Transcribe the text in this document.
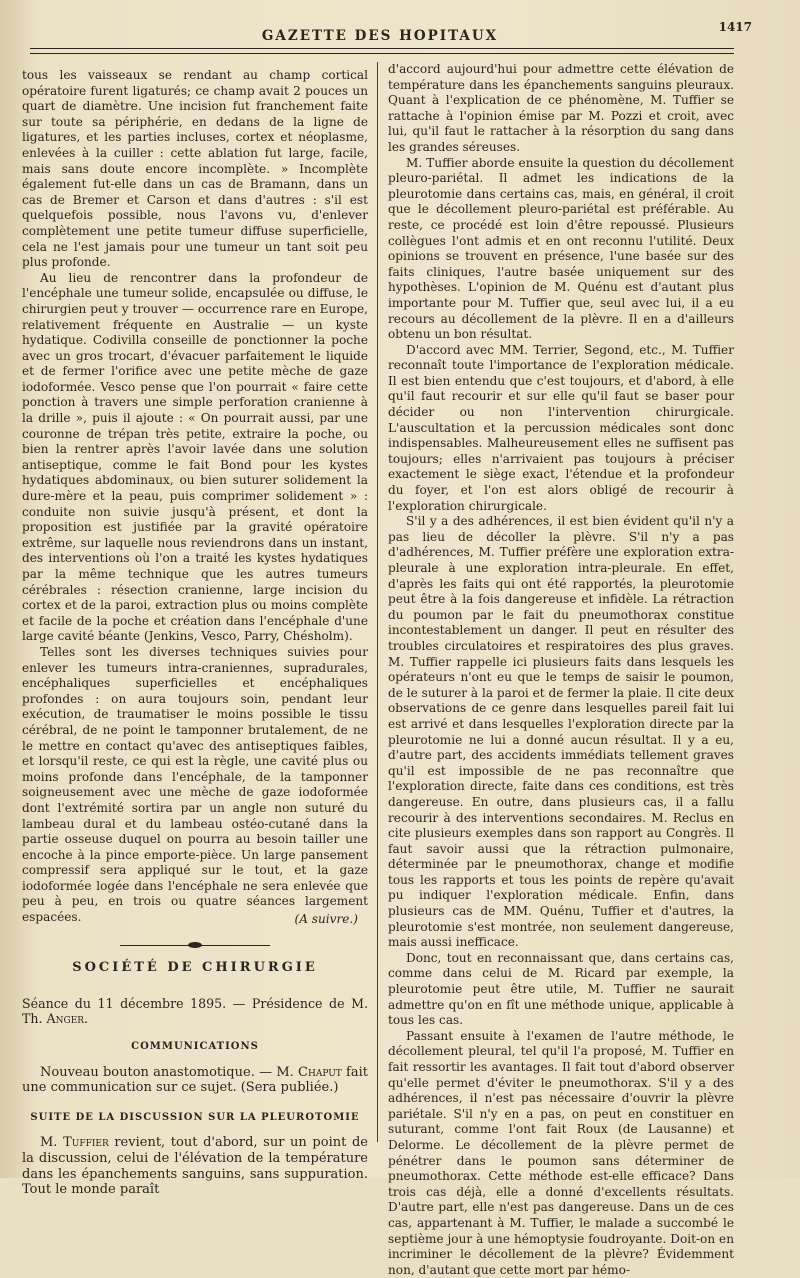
GAZETTE DES HOPITAUX
1417

tous les vaisseaux se rendant au champ cortical opératoire furent ligaturés; ce champ avait 2 pouces un quart de diamètre. Une incision fut franchement faite sur toute sa périphérie, en dedans de la ligne de ligatures, et les parties incluses, cortex et néoplasme, enlevées à la cuiller : cette ablation fut large, facile, mais sans doute encore incomplète. » Incomplète également fut-elle dans un cas de Bramann, dans un cas de Bremer et Carson et dans d'autres : s'il est quelquefois possible, nous l'avons vu, d'enlever complètement une petite tumeur diffuse superficielle, cela ne l'est jamais pour une tumeur un tant soit peu plus profonde.

Au lieu de rencontrer dans la profondeur de l'encéphale une tumeur solide, encapsulée ou diffuse, le chirurgien peut y trouver — occurrence rare en Europe, relativement fréquente en Australie — un kyste hydatique. Codivilla conseille de ponctionner la poche avec un gros trocart, d'évacuer parfaitement le liquide et de fermer l'orifice avec une petite mèche de gaze iodoformée. Vesco pense que l'on pourrait « faire cette ponction à travers une simple perforation cranienne à la drille », puis il ajoute : « On pourrait aussi, par une couronne de trépan très petite, extraire la poche, ou bien la rentrer après l'avoir lavée dans une solution antiseptique, comme le fait Bond pour les kystes hydatiques abdominaux, ou bien suturer solidement la dure-mère et la peau, puis comprimer solidement » : conduite non suivie jusqu'à présent, et dont la proposition est justifiée par la gravité opératoire extrême, sur laquelle nous reviendrons dans un instant, des interventions où l'on a traité les kystes hydatiques par la même technique que les autres tumeurs cérébrales : résection cranienne, large incision du cortex et de la paroi, extraction plus ou moins complète et facile de la poche et création dans l'encéphale d'une large cavité béante (Jenkins, Vesco, Parry, Chésholm).

Telles sont les diverses techniques suivies pour enlever les tumeurs intra-craniennes, supradurales, encéphaliques superficielles et encéphaliques profondes : on aura toujours soin, pendant leur exécution, de traumatiser le moins possible le tissu cérébral, de ne point le tamponner brutalement, de ne le mettre en contact qu'avec des antiseptiques faibles, et lorsqu'il reste, ce qui est la règle, une cavité plus ou moins profonde dans l'encéphale, de la tamponner soigneusement avec une mèche de gaze iodoformée dont l'extrémité sortira par un angle non suturé du lambeau dural et du lambeau ostéo-cutané dans la partie osseuse duquel on pourra au besoin tailler une encoche à la pince emporte-pièce. Un large pansement compressif sera appliqué sur le tout, et la gaze iodoformée logée dans l'encéphale ne sera enlevée que peu à peu, en trois ou quatre séances largement espacées.	(A suivre.)

SOCIÉTÉ DE CHIRURGIE

Séance du 11 décembre 1895. — Présidence de M. Th. Anger.

COMMUNICATIONS

Nouveau bouton anastomotique. — M. Chaput fait une communication sur ce sujet. (Sera publiée.)

SUITE DE LA DISCUSSION SUR LA PLEUROTOMIE

M. Tuffier revient, tout d'abord, sur un point de la discussion, celui de l'élévation de la température dans les épanchements sanguins, sans suppuration. Tout le monde paraît

d'accord aujourd'hui pour admettre cette élévation de température dans les épanchements sanguins pleuraux. Quant à l'explication de ce phénomène, M. Tuffier se rattache à l'opinion émise par M. Pozzi et croit, avec lui, qu'il faut le rattacher à la résorption du sang dans les grandes séreuses.

M. Tuffier aborde ensuite la question du décollement pleuro-pariétal. Il admet les indications de la pleurotomie dans certains cas, mais, en général, il croit que le décollement pleuro-pariétal est préférable. Au reste, ce procédé est loin d'être repoussé. Plusieurs collègues l'ont admis et en ont reconnu l'utilité. Deux opinions se trouvent en présence, l'une basée sur des faits cliniques, l'autre basée uniquement sur des hypothèses. L'opinion de M. Quénu est d'autant plus importante pour M. Tuffier que, seul avec lui, il a eu recours au décollement de la plèvre. Il en a d'ailleurs obtenu un bon résultat.

D'accord avec MM. Terrier, Segond, etc., M. Tuffier reconnaît toute l'importance de l'exploration médicale. Il est bien entendu que c'est toujours, et d'abord, à elle qu'il faut recourir et sur elle qu'il faut se baser pour décider ou non l'intervention chirurgicale. L'auscultation et la percussion médicales sont donc indispensables. Malheureusement elles ne suffisent pas toujours; elles n'arrivaient pas toujours à préciser exactement le siège exact, l'étendue et la profondeur du foyer, et l'on est alors obligé de recourir à l'exploration chirurgicale.

S'il y a des adhérences, il est bien évident qu'il n'y a pas lieu de décoller la plèvre. S'il n'y a pas d'adhérences, M. Tuffier préfère une exploration extra-pleurale à une exploration intra-pleurale. En effet, d'après les faits qui ont été rapportés, la pleurotomie peut être à la fois dangereuse et infidèle. La rétraction du poumon par le fait du pneumothorax constitue incontestablement un danger. Il peut en résulter des troubles circulatoires et respiratoires des plus graves. M. Tuffier rappelle ici plusieurs faits dans lesquels les opérateurs n'ont eu que le temps de saisir le poumon, de le suturer à la paroi et de fermer la plaie. Il cite deux observations de ce genre dans lesquelles pareil fait lui est arrivé et dans lesquelles l'exploration directe par la pleurotomie ne lui a donné aucun résultat. Il y a eu, d'autre part, des accidents immédiats tellement graves qu'il est impossible de ne pas reconnaître que l'exploration directe, faite dans ces conditions, est très dangereuse. En outre, dans plusieurs cas, il a fallu recourir à des interventions secondaires. M. Reclus en cite plusieurs exemples dans son rapport au Congrès. Il faut savoir aussi que la rétraction pulmonaire, déterminée par le pneumothorax, change et modifie tous les rapports et tous les points de repère qu'avait pu indiquer l'exploration médicale. Enfin, dans plusieurs cas de MM. Quénu, Tuffier et d'autres, la pleurotomie s'est montrée, non seulement dangereuse, mais aussi inefficace.

Donc, tout en reconnaissant que, dans certains cas, comme dans celui de M. Ricard par exemple, la pleurotomie peut être utile, M. Tuffier ne saurait admettre qu'on en fît une méthode unique, applicable à tous les cas.

Passant ensuite à l'examen de l'autre méthode, le décollement pleural, tel qu'il l'a proposé, M. Tuffier en fait ressortir les avantages. Il fait tout d'abord observer qu'elle permet d'éviter le pneumothorax. S'il y a des adhérences, il n'est pas nécessaire d'ouvrir la plèvre pariétale. S'il n'y en a pas, on peut en constituer en suturant, comme l'ont fait Roux (de Lausanne) et Delorme. Le décollement de la plèvre permet de pénétrer dans le poumon sans déterminer de pneumothorax. Cette méthode est-elle efficace? Dans trois cas déjà, elle a donné d'excellents résultats. D'autre part, elle n'est pas dangereuse. Dans un de ces cas, appartenant à M. Tuffier, le malade a succombé le septième jour à une hémoptysie foudroyante. Doit-on en incriminer le décollement de la plèvre? Évidemment non, d'autant que cette mort par hémo-
